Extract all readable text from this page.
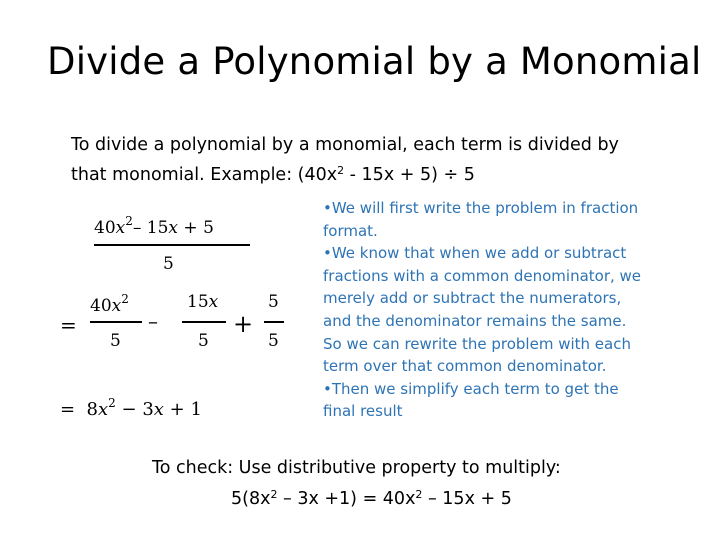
Divide a Polynomial by a Monomial
To divide a polynomial by a monomial, each term is divided by
that monomial. Example: $(40x^2 - 15x + 5) \div 5$
$40x^2-$ 15x + 5
5
=
$40x^2$
5
–
15x
5
+
5
5
= $8x^2 - 3x + 1$
•We will first write the problem in fraction
format.
•We know that when we add or subtract
fractions with a common denominator, we
merely add or subtract the numerators,
and the denominator remains the same.
So we can rewrite the problem with each
term over that common denominator.
•Then we simplify each term to get the
final result
To check: Use distributive property to multiply:
$5(8x^2 - 3x +1) = 40x^2 - 15x + 5$
